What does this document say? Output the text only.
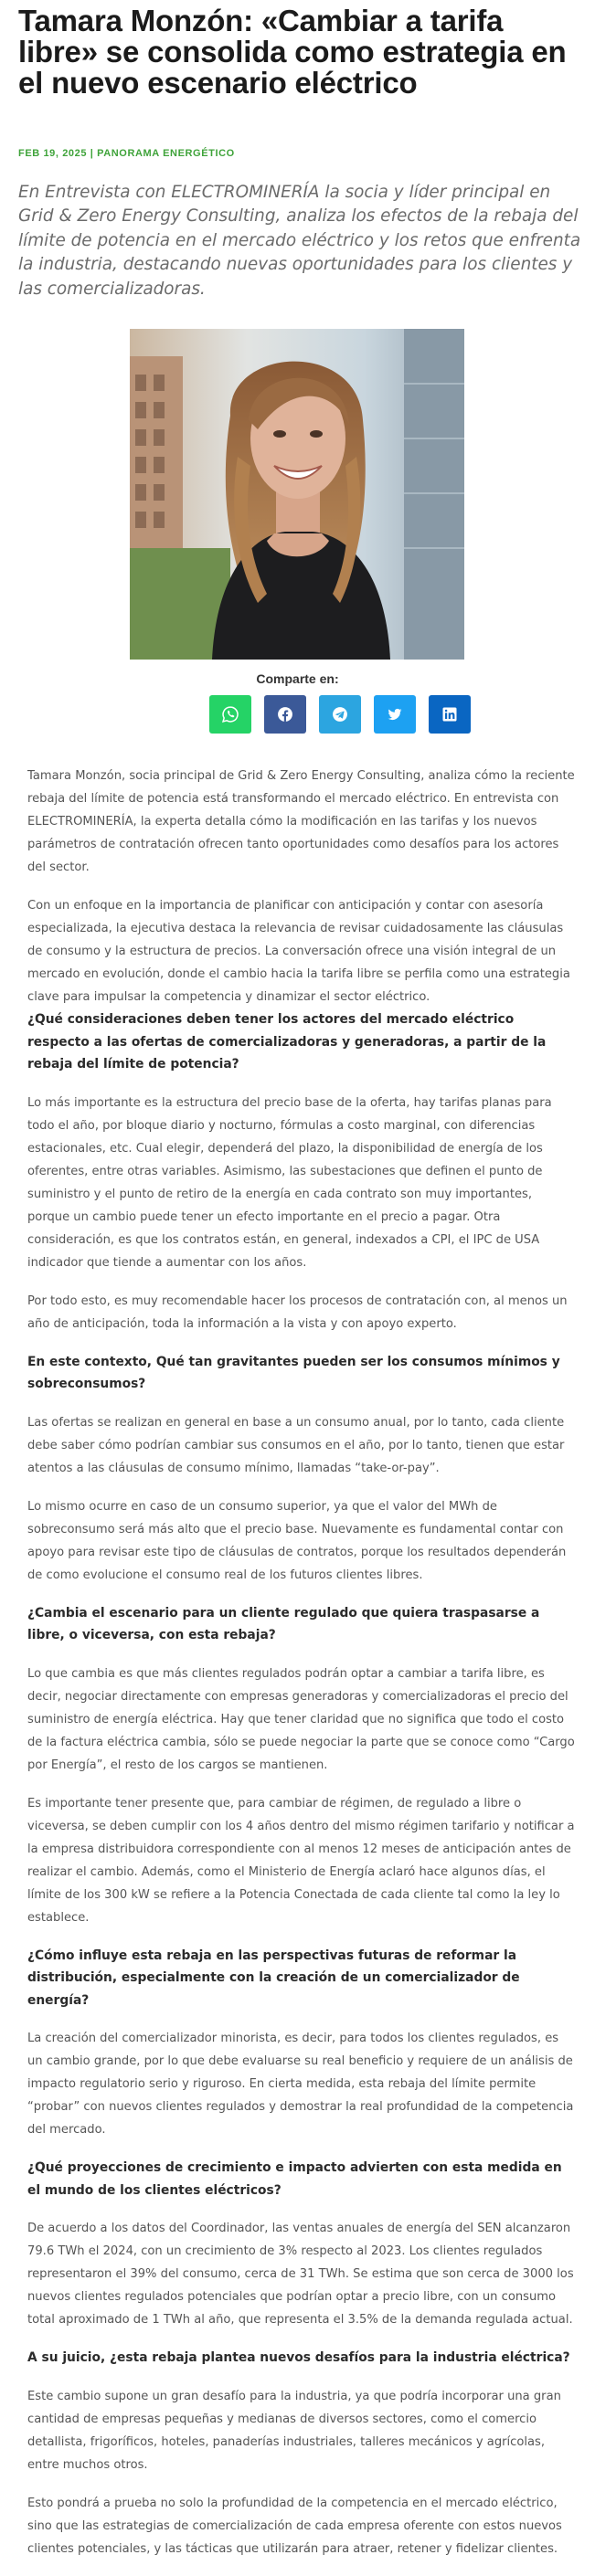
Tamara Monzón: «Cambiar a tarifa libre» se consolida como estrategia en el nuevo escenario eléctrico
FEB 19, 2025 | PANORAMA ENERGÉTICO

En Entrevista con ELECTROMINERÍA la socia y líder principal en Grid & Zero Energy Consulting, analiza los efectos de la rebaja del límite de potencia en el mercado eléctrico y los retos que enfrenta la industria, destacando nuevas oportunidades para los clientes y las comercializadoras.

Comparte en:

Tamara Monzón, socia principal de Grid & Zero Energy Consulting, analiza cómo la reciente rebaja del límite de potencia está transformando el mercado eléctrico. En entrevista con ELECTROMINERÍA, la experta detalla cómo la modificación en las tarifas y los nuevos parámetros de contratación ofrecen tanto oportunidades como desafíos para los actores del sector.

Con un enfoque en la importancia de planificar con anticipación y contar con asesoría especializada, la ejecutiva destaca la relevancia de revisar cuidadosamente las cláusulas de consumo y la estructura de precios. La conversación ofrece una visión integral de un mercado en evolución, donde el cambio hacia la tarifa libre se perfila como una estrategia clave para impulsar la competencia y dinamizar el sector eléctrico.

¿Qué consideraciones deben tener los actores del mercado eléctrico respecto a las ofertas de comercializadoras y generadoras, a partir de la rebaja del límite de potencia?

Lo más importante es la estructura del precio base de la oferta, hay tarifas planas para todo el año, por bloque diario y nocturno, fórmulas a costo marginal, con diferencias estacionales, etc. Cual elegir, dependerá del plazo, la disponibilidad de energía de los oferentes, entre otras variables. Asimismo, las subestaciones que definen el punto de suministro y el punto de retiro de la energía en cada contrato son muy importantes, porque un cambio puede tener un efecto importante en el precio a pagar. Otra consideración, es que los contratos están, en general, indexados a CPI, el IPC de USA indicador que tiende a aumentar con los años.

Por todo esto, es muy recomendable hacer los procesos de contratación con, al menos un año de anticipación, toda la información a la vista y con apoyo experto.

En este contexto, Qué tan gravitantes pueden ser los consumos mínimos y sobreconsumos?

Las ofertas se realizan en general en base a un consumo anual, por lo tanto, cada cliente debe saber cómo podrían cambiar sus consumos en el año, por lo tanto, tienen que estar atentos a las cláusulas de consumo mínimo, llamadas “take-or-pay”.

Lo mismo ocurre en caso de un consumo superior, ya que el valor del MWh de sobreconsumo será más alto que el precio base. Nuevamente es fundamental contar con apoyo para revisar este tipo de cláusulas de contratos, porque los resultados dependerán de como evolucione el consumo real de los futuros clientes libres.

¿Cambia el escenario para un cliente regulado que quiera traspasarse a libre, o viceversa, con esta rebaja?

Lo que cambia es que más clientes regulados podrán optar a cambiar a tarifa libre, es decir, negociar directamente con empresas generadoras y comercializadoras el precio del suministro de energía eléctrica. Hay que tener claridad que no significa que todo el costo de la factura eléctrica cambia, sólo se puede negociar la parte que se conoce como “Cargo por Energía”, el resto de los cargos se mantienen.

Es importante tener presente que, para cambiar de régimen, de regulado a libre o viceversa, se deben cumplir con los 4 años dentro del mismo régimen tarifario y notificar a la empresa distribuidora correspondiente con al menos 12 meses de anticipación antes de realizar el cambio. Además, como el Ministerio de Energía aclaró hace algunos días, el límite de los 300 kW se refiere a la Potencia Conectada de cada cliente tal como la ley lo establece.

¿Cómo influye esta rebaja en las perspectivas futuras de reformar la distribución, especialmente con la creación de un comercializador de energía?

La creación del comercializador minorista, es decir, para todos los clientes regulados, es un cambio grande, por lo que debe evaluarse su real beneficio y requiere de un análisis de impacto regulatorio serio y riguroso. En cierta medida, esta rebaja del límite permite “probar” con nuevos clientes regulados y demostrar la real profundidad de la competencia del mercado.

¿Qué proyecciones de crecimiento e impacto advierten con esta medida en el mundo de los clientes eléctricos?

De acuerdo a los datos del Coordinador, las ventas anuales de energía del SEN alcanzaron 79.6 TWh el 2024, con un crecimiento de 3% respecto al 2023. Los clientes regulados representaron el 39% del consumo, cerca de 31 TWh. Se estima que son cerca de 3000 los nuevos clientes regulados potenciales que podrían optar a precio libre, con un consumo total aproximado de 1 TWh al año, que representa el 3.5% de la demanda regulada actual.

A su juicio, ¿esta rebaja plantea nuevos desafíos para la industria eléctrica?

Este cambio supone un gran desafío para la industria, ya que podría incorporar una gran cantidad de empresas pequeñas y medianas de diversos sectores, como el comercio detallista, frigoríficos, hoteles, panaderías industriales, talleres mecánicos y agrícolas, entre muchos otros.

Esto pondrá a prueba no solo la profundidad de la competencia en el mercado eléctrico, sino que las estrategias de comercialización de cada empresa oferente con estos nuevos clientes potenciales, y las tácticas que utilizarán para atraer, retener y fidelizar clientes.
